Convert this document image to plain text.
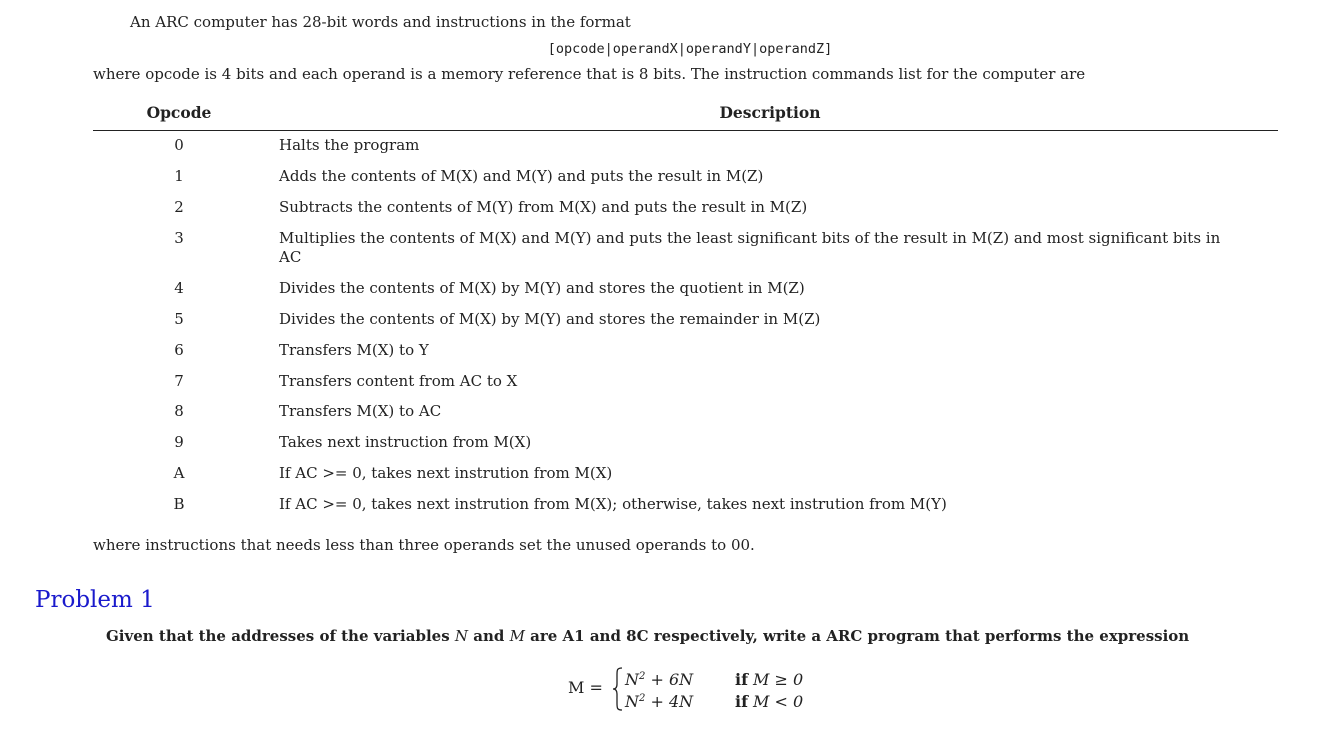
An ARC computer has 28-bit words and instructions in the format
[opcode|operandX|operandY|operandZ]
where opcode is 4 bits and each operand is a memory reference that is 8 bits. The instruction commands list for the computer are
Opcode	Description
0	Halts the program
1	Adds the contents of M(X) and M(Y) and puts the result in M(Z)
2	Subtracts the contents of M(Y) from M(X) and puts the result in M(Z)
3	Multiplies the contents of M(X) and M(Y) and puts the least significant bits of the result in M(Z) and most significant bits in AC
4	Divides the contents of M(X) by M(Y) and stores the quotient in M(Z)
5	Divides the contents of M(X) by M(Y) and stores the remainder in M(Z)
6	Transfers M(X) to Y
7	Transfers content from AC to X
8	Transfers M(X) to AC
9	Takes next instruction from M(X)
A	If AC >= 0, takes next instrution from M(X)
B	If AC >= 0, takes next instrution from M(X); otherwise, takes next instrution from M(Y)
where instructions that needs less than three operands set the unused operands to 00.
Problem 1
Given that the addresses of the variables N and M are A1 and 8C respectively, write a ARC program that performs the expression
$M = N^2 + 6N$	if M ≥ 0
$N^2 + 4N$	if M < 0
